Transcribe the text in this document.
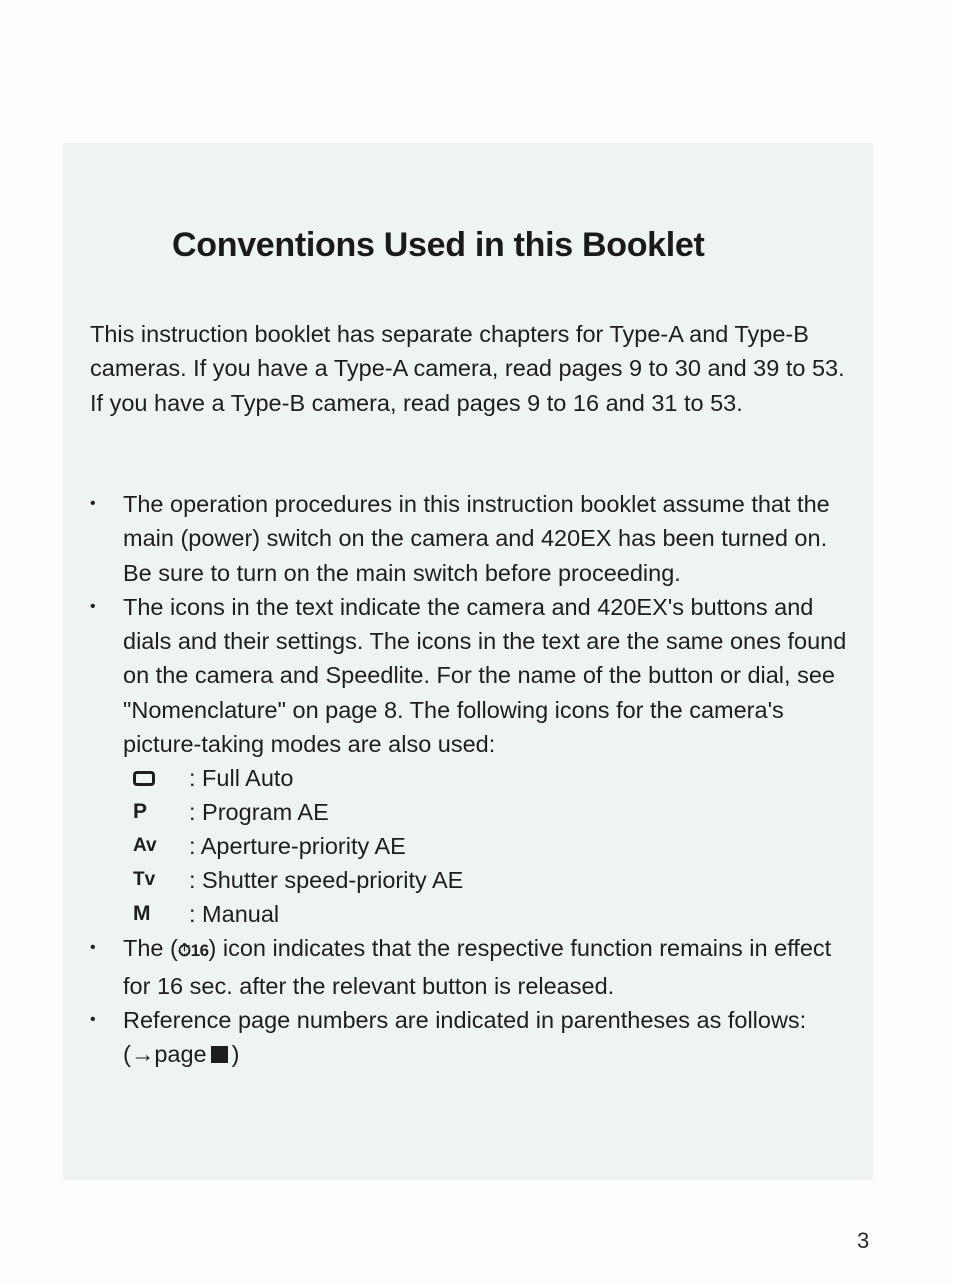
Conventions Used in this Booklet

This instruction booklet has separate chapters for Type-A and Type-B cameras. If you have a Type-A camera, read pages 9 to 30 and 39 to 53.

If you have a Type-B camera, read pages 9 to 16 and 31 to 53.

• The operation procedures in this instruction booklet assume that the main (power) switch on the camera and 420EX has been turned on. Be sure to turn on the main switch before proceeding.
• The icons in the text indicate the camera and 420EX's buttons and dials and their settings. The icons in the text are the same ones found on the camera and Speedlite. For the name of the button or dial, see "Nomenclature" on page 8. The following icons for the camera's picture-taking modes are also used:
: Full Auto
P	: Program AE
Av	: Aperture-priority AE
Tv	: Shutter speed-priority AE
M	: Manual
• The (⏱16) icon indicates that the respective function remains in effect for 16 sec. after the relevant button is released.
• Reference page numbers are indicated in parentheses as follows: (→page )
3
